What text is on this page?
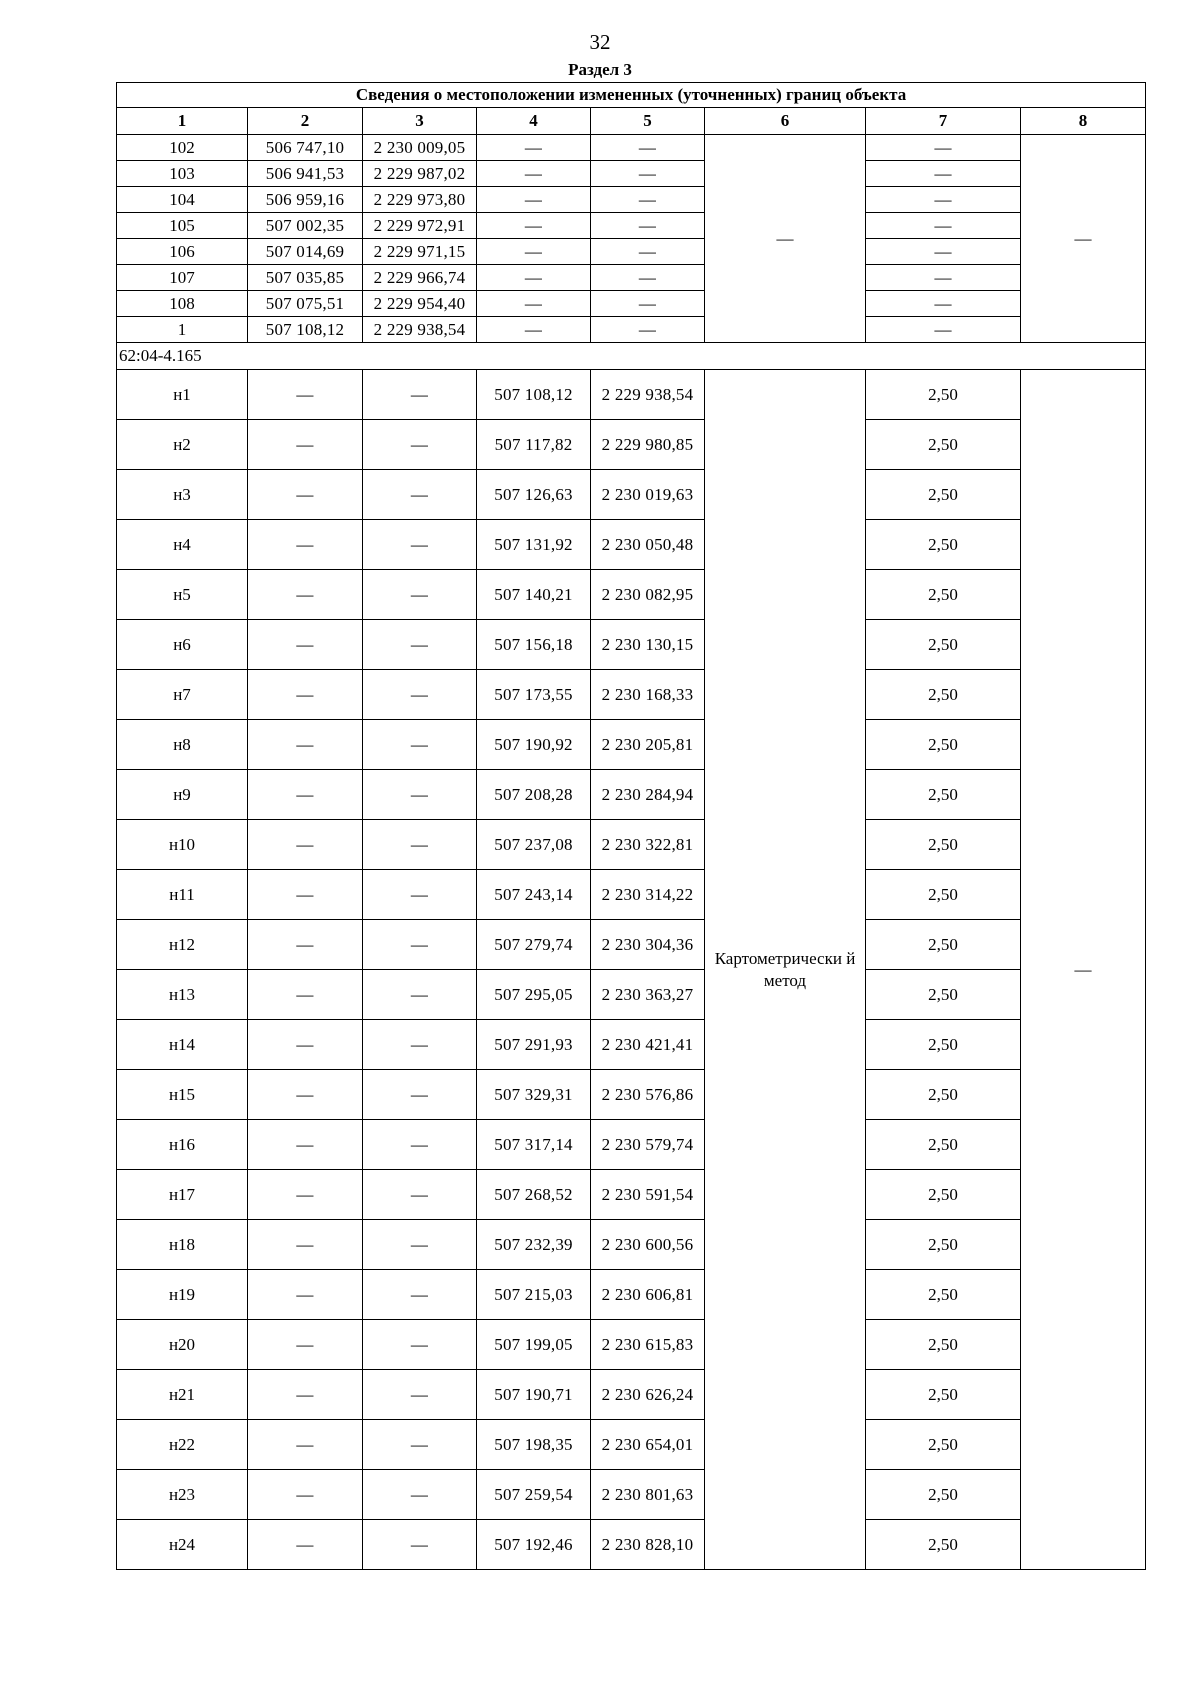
32
Раздел 3
Сведения о местоположении измененных (уточненных) границ объекта							
1	2	3	4	5	6	7	8
102	506 747,10	2 230 009,05	—	—	—	—	—
103	506 941,53	2 229 987,02	—	—		—	
104	506 959,16	2 229 973,80	—	—		—	
105	507 002,35	2 229 972,91	—	—		—	
106	507 014,69	2 229 971,15	—	—		—	
107	507 035,85	2 229 966,74	—	—		—	
108	507 075,51	2 229 954,40	—	—		—	
1	507 108,12	2 229 938,54	—	—		—	
62:04-4.165							
н1	—	—	507 108,12	2 229 938,54	Картометрически й метод	2,50	—
н2	—	—	507 117,82	2 229 980,85		2,50	
н3	—	—	507 126,63	2 230 019,63		2,50	
н4	—	—	507 131,92	2 230 050,48		2,50	
н5	—	—	507 140,21	2 230 082,95		2,50	
н6	—	—	507 156,18	2 230 130,15		2,50	
н7	—	—	507 173,55	2 230 168,33		2,50	
н8	—	—	507 190,92	2 230 205,81		2,50	
н9	—	—	507 208,28	2 230 284,94		2,50	
н10	—	—	507 237,08	2 230 322,81		2,50	
н11	—	—	507 243,14	2 230 314,22		2,50	
н12	—	—	507 279,74	2 230 304,36		2,50	
н13	—	—	507 295,05	2 230 363,27		2,50	
н14	—	—	507 291,93	2 230 421,41		2,50	
н15	—	—	507 329,31	2 230 576,86		2,50	
н16	—	—	507 317,14	2 230 579,74		2,50	
н17	—	—	507 268,52	2 230 591,54		2,50	
н18	—	—	507 232,39	2 230 600,56		2,50	
н19	—	—	507 215,03	2 230 606,81		2,50	
н20	—	—	507 199,05	2 230 615,83		2,50	
н21	—	—	507 190,71	2 230 626,24		2,50	
н22	—	—	507 198,35	2 230 654,01		2,50	
н23	—	—	507 259,54	2 230 801,63		2,50	
н24	—	—	507 192,46	2 230 828,10		2,50	
